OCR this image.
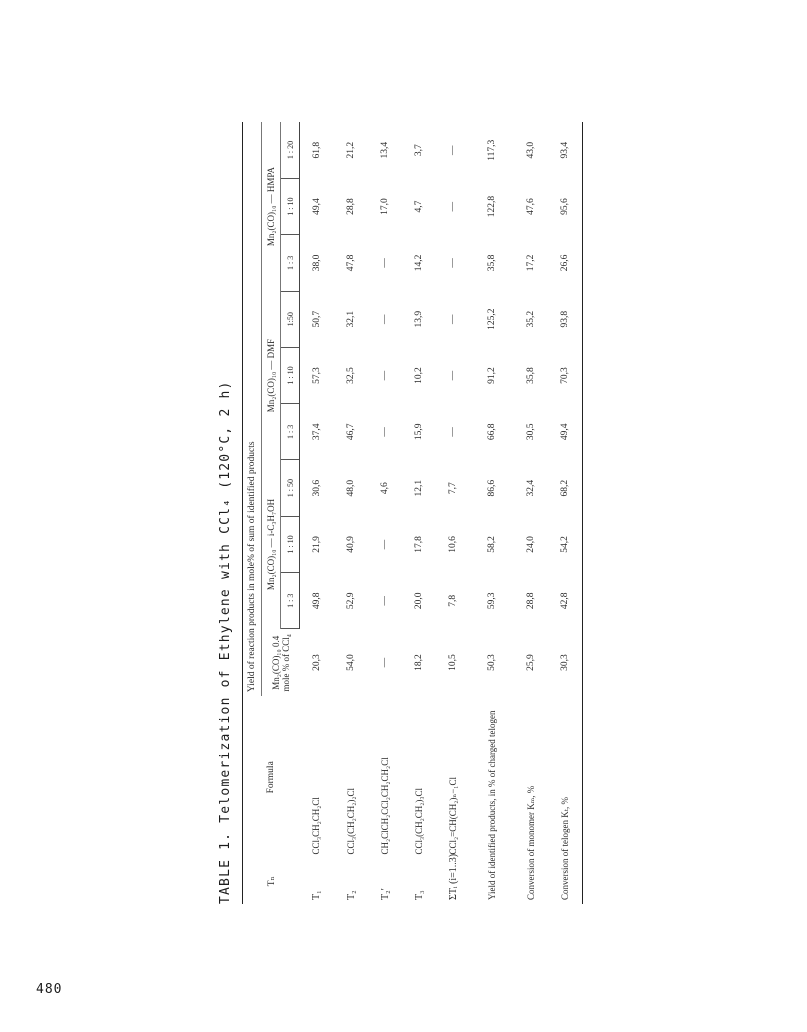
480
TABLE 1. Telomerization of Ethylene with CCl₄ (120°C, 2 h)	Tₙ	Formula	Yield of reaction products in mole% of sum of identified products									
		Mn₂(CO)₁₀ 0.4 mole % of CCl₄	Mn₂(CO)₁₀ — i-C₃H₇OH			Mn₂(CO)₁₀ — DMF			Mn₂(CO)₁₀ — HMPA		
			1 : 3	1 : 10	1 : 50	1 : 3	1 : 10	1:50	1 : 3	1 : 10	1 : 20
T₁	CCl₃CH₂CH₂Cl	20,3	49,8	21,9	30,6	37,4	57,3	50,7	38,0	49,4	61,8
T₂	CCl₃(CH₂CH₂)₂Cl	54,0	52,9	40,9	48,0	46,7	32,5	32,1	47,8	28,8	21,2
T₂′	CH₂ClCH₂CCl₂CH₂CH₂Cl	—	—	—	4,6	—	—	—	—	17,0	13,4
T₃	CCl₃(CH₂CH₂)₃Cl	18,2	20,0	17,8	12,1	15,9	10,2	13,9	14,2	4,7	3,7
ΣTᵢ (i=1..3)	CCl₂=CH(CH₂)ₙ−₁Cl	10,5	7,8	10,6	7,7	—	—	—	—	—	—
Yield of identified products, in % of charged telogen		50,3	59,3	58,2	86,6	66,8	91,2	125,2	35,8	122,8	117,3
Conversion of monomer Kₘ, %		25,9	28,8	24,0	32,4	30,5	35,8	35,2	17,2	47,6	43,0
Conversion of telogen Kₜ, %		30,3	42,8	54,2	68,2	49,4	70,3	93,8	26,6	95,6	93,4
